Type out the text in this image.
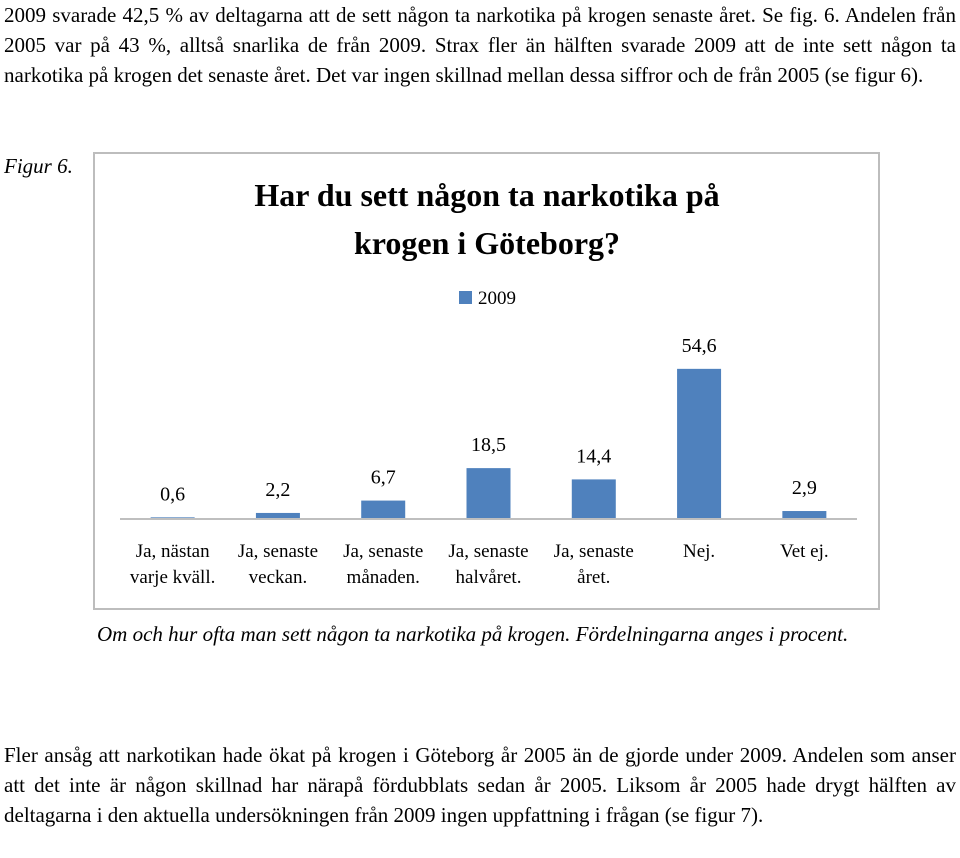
2009 svarade 42,5 % av deltagarna att de sett någon ta narkotika på krogen senaste året. Se fig. 6. Andelen från 2005 var på 43 %, alltså snarlika de från 2009. Strax fler än hälften svarade 2009 att de inte sett någon ta narkotika på krogen det senaste året. Det var ingen skillnad mellan dessa siffror och de från 2005 (se figur 6).

Figur 6.

Har du sett någon ta narkotika på
krogen i Göteborg?
2009
0,6
Ja, nästan
varje kväll.
2,2
Ja, senaste
veckan.
6,7
Ja, senaste
månaden.
18,5
Ja, senaste
halvåret.
14,4
Ja, senaste
året.
54,6
Nej.
2,9
Vet ej.

Om och hur ofta man sett någon ta narkotika på krogen. Fördelningarna anges i procent.

Fler ansåg att narkotikan hade ökat på krogen i Göteborg år 2005 än de gjorde under 2009. Andelen som anser att det inte är någon skillnad har närapå fördubblats sedan år 2005. Liksom år 2005 hade drygt hälften av deltagarna i den aktuella undersökningen från 2009 ingen uppfattning i frågan (se figur 7).
